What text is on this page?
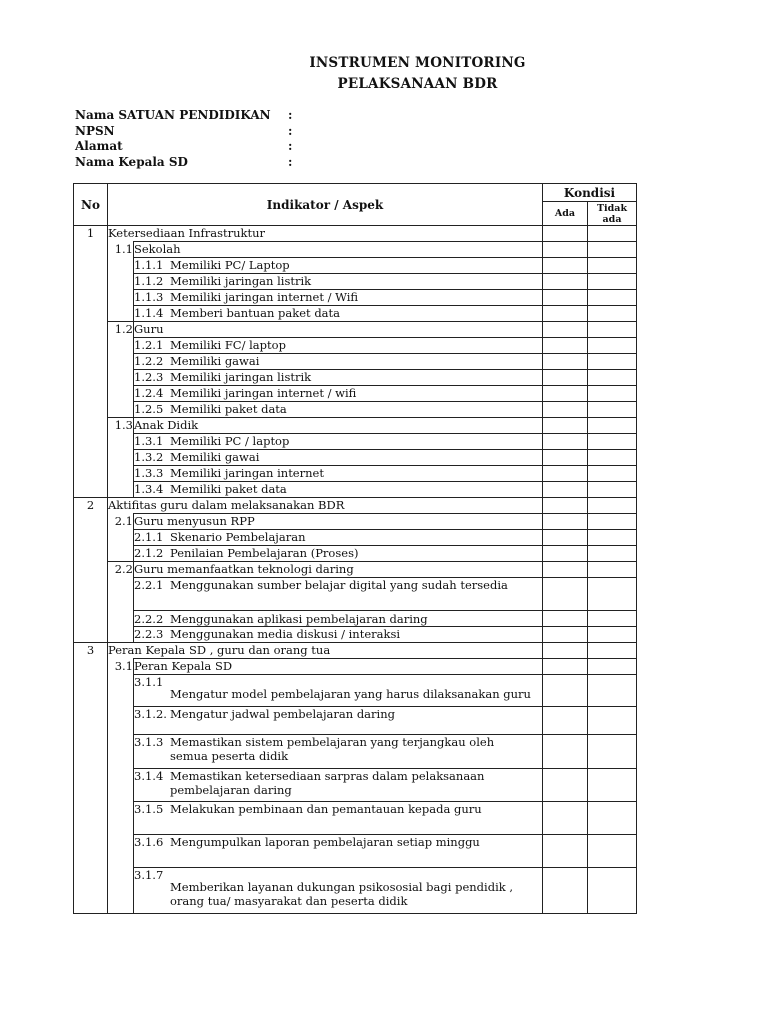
INSTRUMEN MONITORING
PELAKSANAAN BDR
Nama SATUAN PENDIDIKAN :
NPSN	:
Alamat	:
Nama Kepala SD	:
No	Indikator / Aspek		Kondisi	
			Ada	Tidak ada
1	Ketersediaan Infrastruktur			
	1.1	Sekolah		
		1.1.1 Memiliki PC/ Laptop		
		1.1.2 Memiliki jaringan listrik		
		1.1.3 Memiliki jaringan internet / Wifi		
		1.1.4 Memberi bantuan paket data		
	1.2	Guru		
		1.2.1 Memiliki FC/ laptop		
		1.2.2 Memiliki gawai		
		1.2.3 Memiliki jaringan listrik		
		1.2.4 Memiliki jaringan internet / wifi		
		1.2.5 Memiliki paket data		
	1.3	Anak Didik		
		1.3.1 Memiliki PC / laptop		
		1.3.2 Memiliki gawai		
		1.3.3 Memiliki jaringan internet		
		1.3.4 Memiliki paket data		
2	Aktifitas guru dalam melaksanakan BDR			
	2.1	Guru menyusun RPP		
		2.1.1 Skenario Pembelajaran		
		2.1.2 Penilaian Pembelajaran (Proses)		
	2.2	Guru memanfaatkan teknologi daring		
		2.2.1 Menggunakan sumber belajar digital yang sudah tersedia		
		2.2.2 Menggunakan aplikasi pembelajaran daring		
		2.2.3 Menggunakan media diskusi / interaksi		
3	Peran Kepala SD , guru dan orang tua			
	3.1	Peran Kepala SD		

		3.1.1
Mengatur model pembelajaran yang harus dilaksanakan guru		

		3.1.2. Mengatur jadwal pembelajaran daring		
		3.1.3 Memastikan sistem pembelajaran yang terjangkau oleh
semua peserta didik		

		3.1.4 Memastikan ketersediaan sarpras dalam pelaksanaan
pembelajaran daring		

		3.1.5 Melakukan pembinaan dan pemantauan kepada guru		
		3.1.6 Mengumpulkan laporan pembelajaran setiap minggu		

		3.1.7
Memberikan layanan dukungan psikososial bagi pendidik ,
orang tua/ masyarakat dan peserta didik		
